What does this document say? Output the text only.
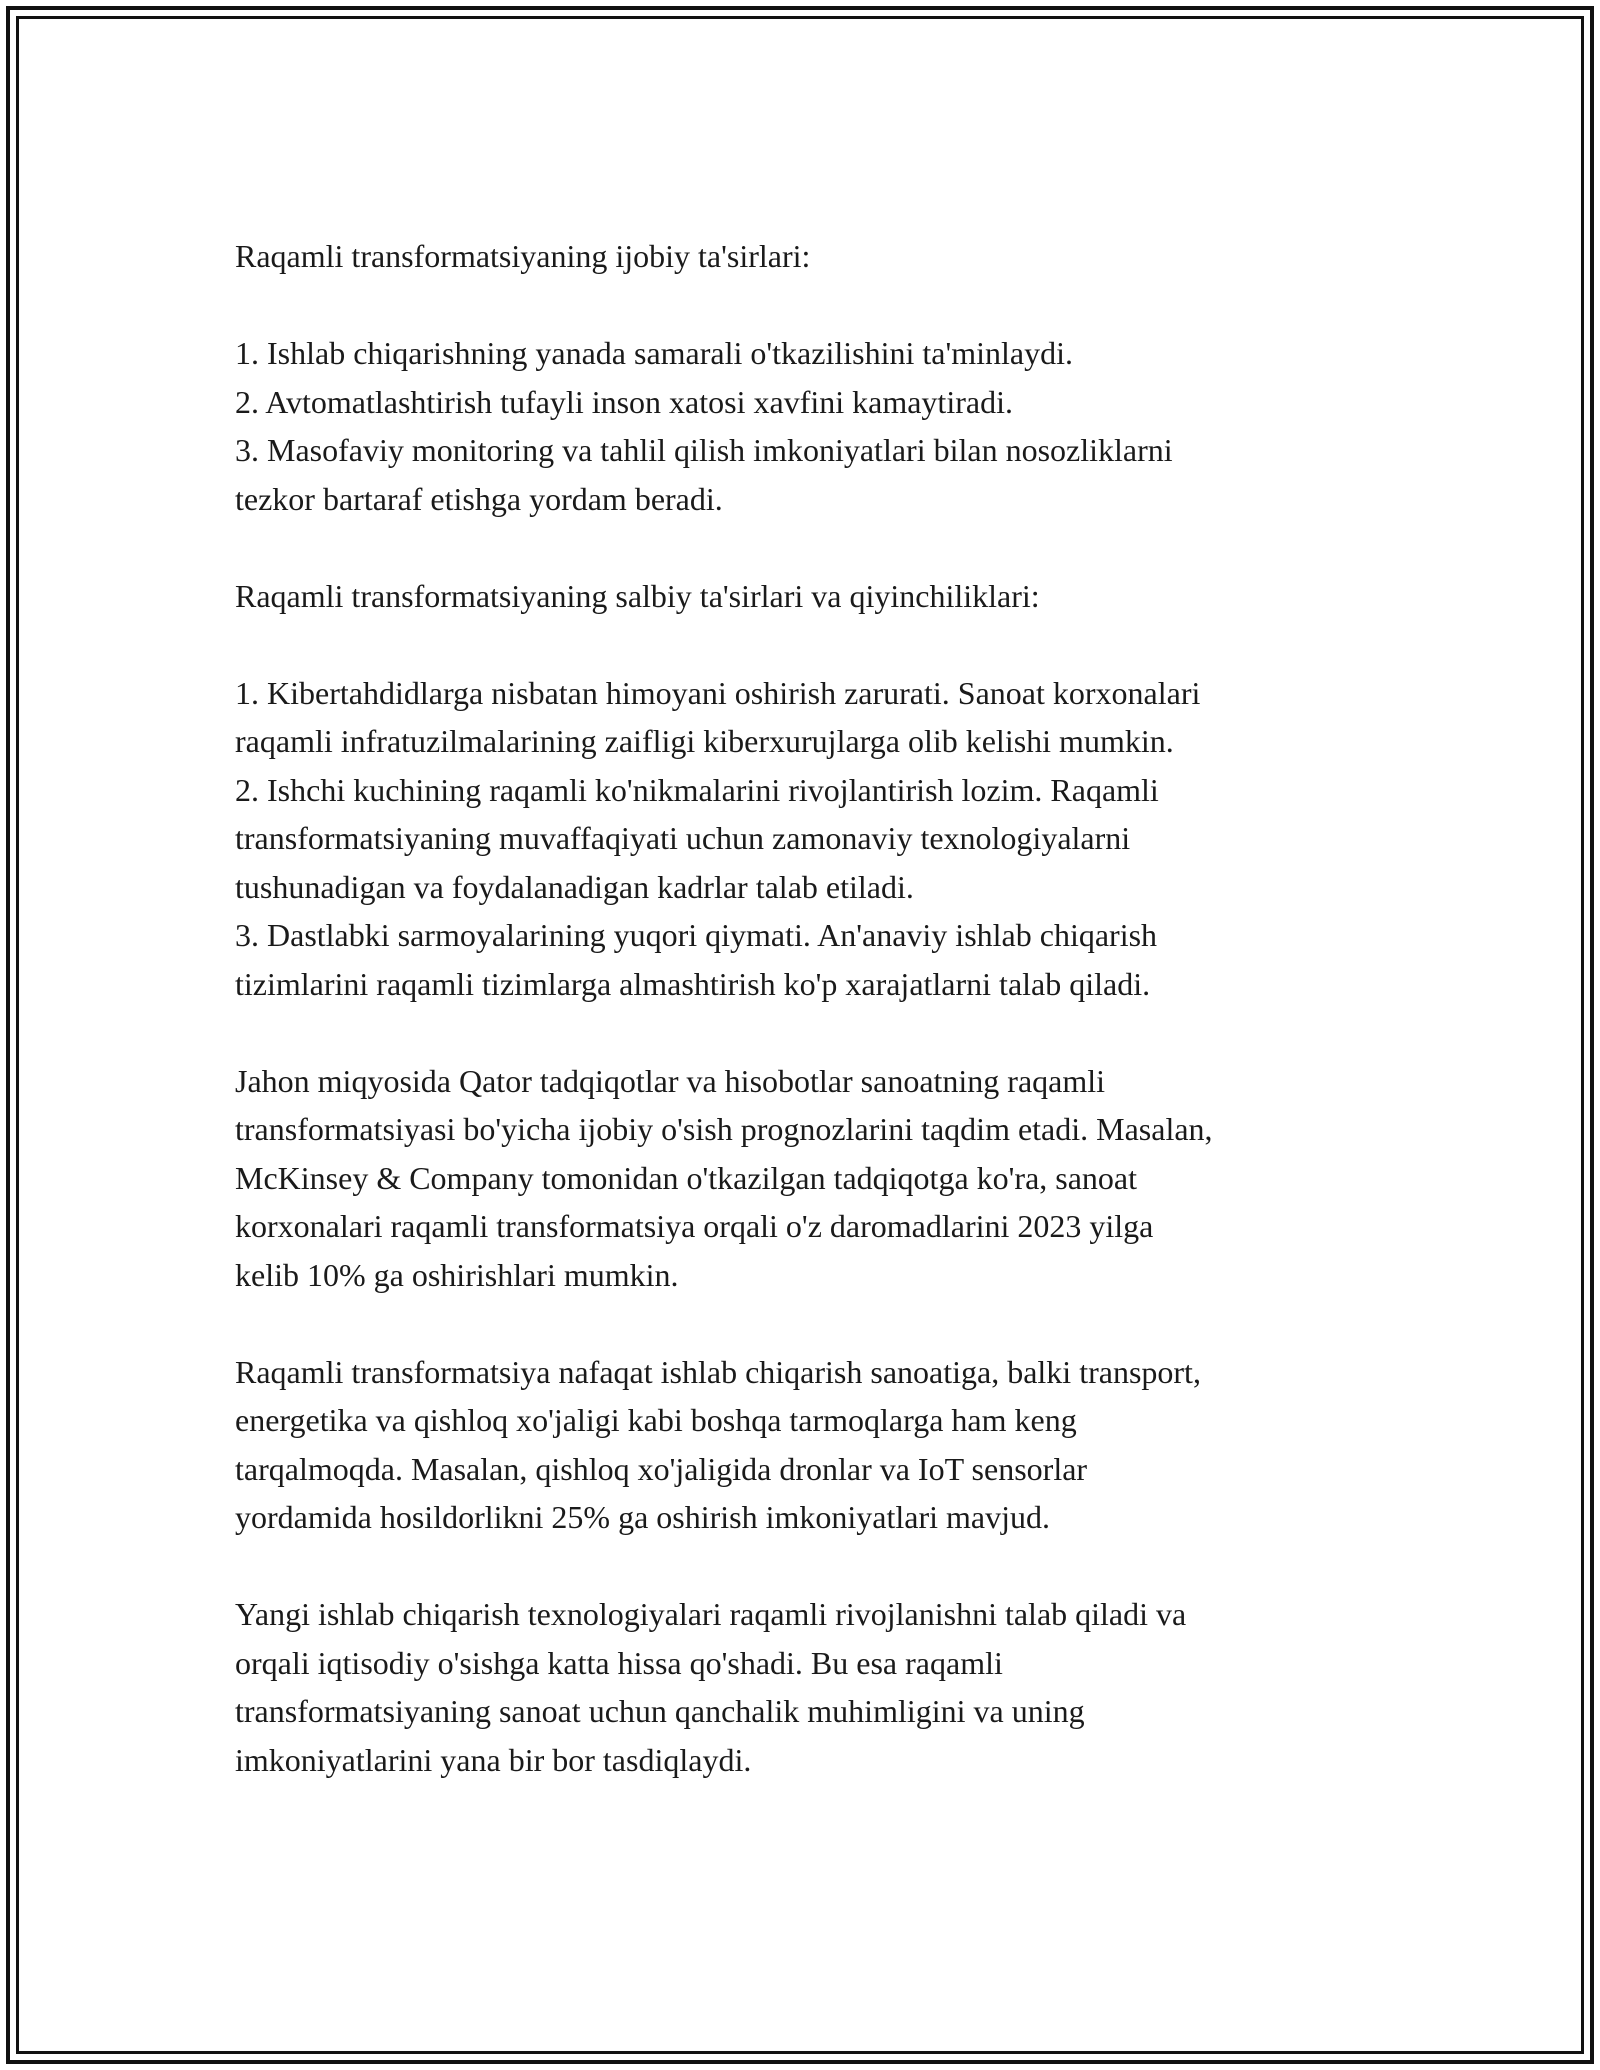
Raqamli transformatsiyaning ijobiy ta'sirlari:

1. Ishlab chiqarishning yanada samarali o'tkazilishini ta'minlaydi.

2. Avtomatlashtirish tufayli inson xatosi xavfini kamaytiradi.

3. Masofaviy monitoring va tahlil qilish imkoniyatlari bilan nosozliklarni

tezkor bartaraf etishga yordam beradi.

Raqamli transformatsiyaning salbiy ta'sirlari va qiyinchiliklari:

1. Kibertahdidlarga nisbatan himoyani oshirish zarurati. Sanoat korxonalari

raqamli infratuzilmalarining zaifligi kiberxurujlarga olib kelishi mumkin.

2. Ishchi kuchining raqamli ko'nikmalarini rivojlantirish lozim. Raqamli

transformatsiyaning muvaffaqiyati uchun zamonaviy texnologiyalarni

tushunadigan va foydalanadigan kadrlar talab etiladi.

3. Dastlabki sarmoyalarining yuqori qiymati. An'anaviy ishlab chiqarish

tizimlarini raqamli tizimlarga almashtirish ko'p xarajatlarni talab qiladi.

Jahon miqyosida Qator tadqiqotlar va hisobotlar sanoatning raqamli

transformatsiyasi bo'yicha ijobiy o'sish prognozlarini taqdim etadi. Masalan,

McKinsey & Company tomonidan o'tkazilgan tadqiqotga ko'ra, sanoat

korxonalari raqamli transformatsiya orqali o'z daromadlarini 2023 yilga

kelib 10% ga oshirishlari mumkin.

Raqamli transformatsiya nafaqat ishlab chiqarish sanoatiga, balki transport,

energetika va qishloq xo'jaligi kabi boshqa tarmoqlarga ham keng

tarqalmoqda. Masalan, qishloq xo'jaligida dronlar va IoT sensorlar

yordamida hosildorlikni 25% ga oshirish imkoniyatlari mavjud.

Yangi ishlab chiqarish texnologiyalari raqamli rivojlanishni talab qiladi va

orqali iqtisodiy o'sishga katta hissa qo'shadi. Bu esa raqamli

transformatsiyaning sanoat uchun qanchalik muhimligini va uning

imkoniyatlarini yana bir bor tasdiqlaydi.
